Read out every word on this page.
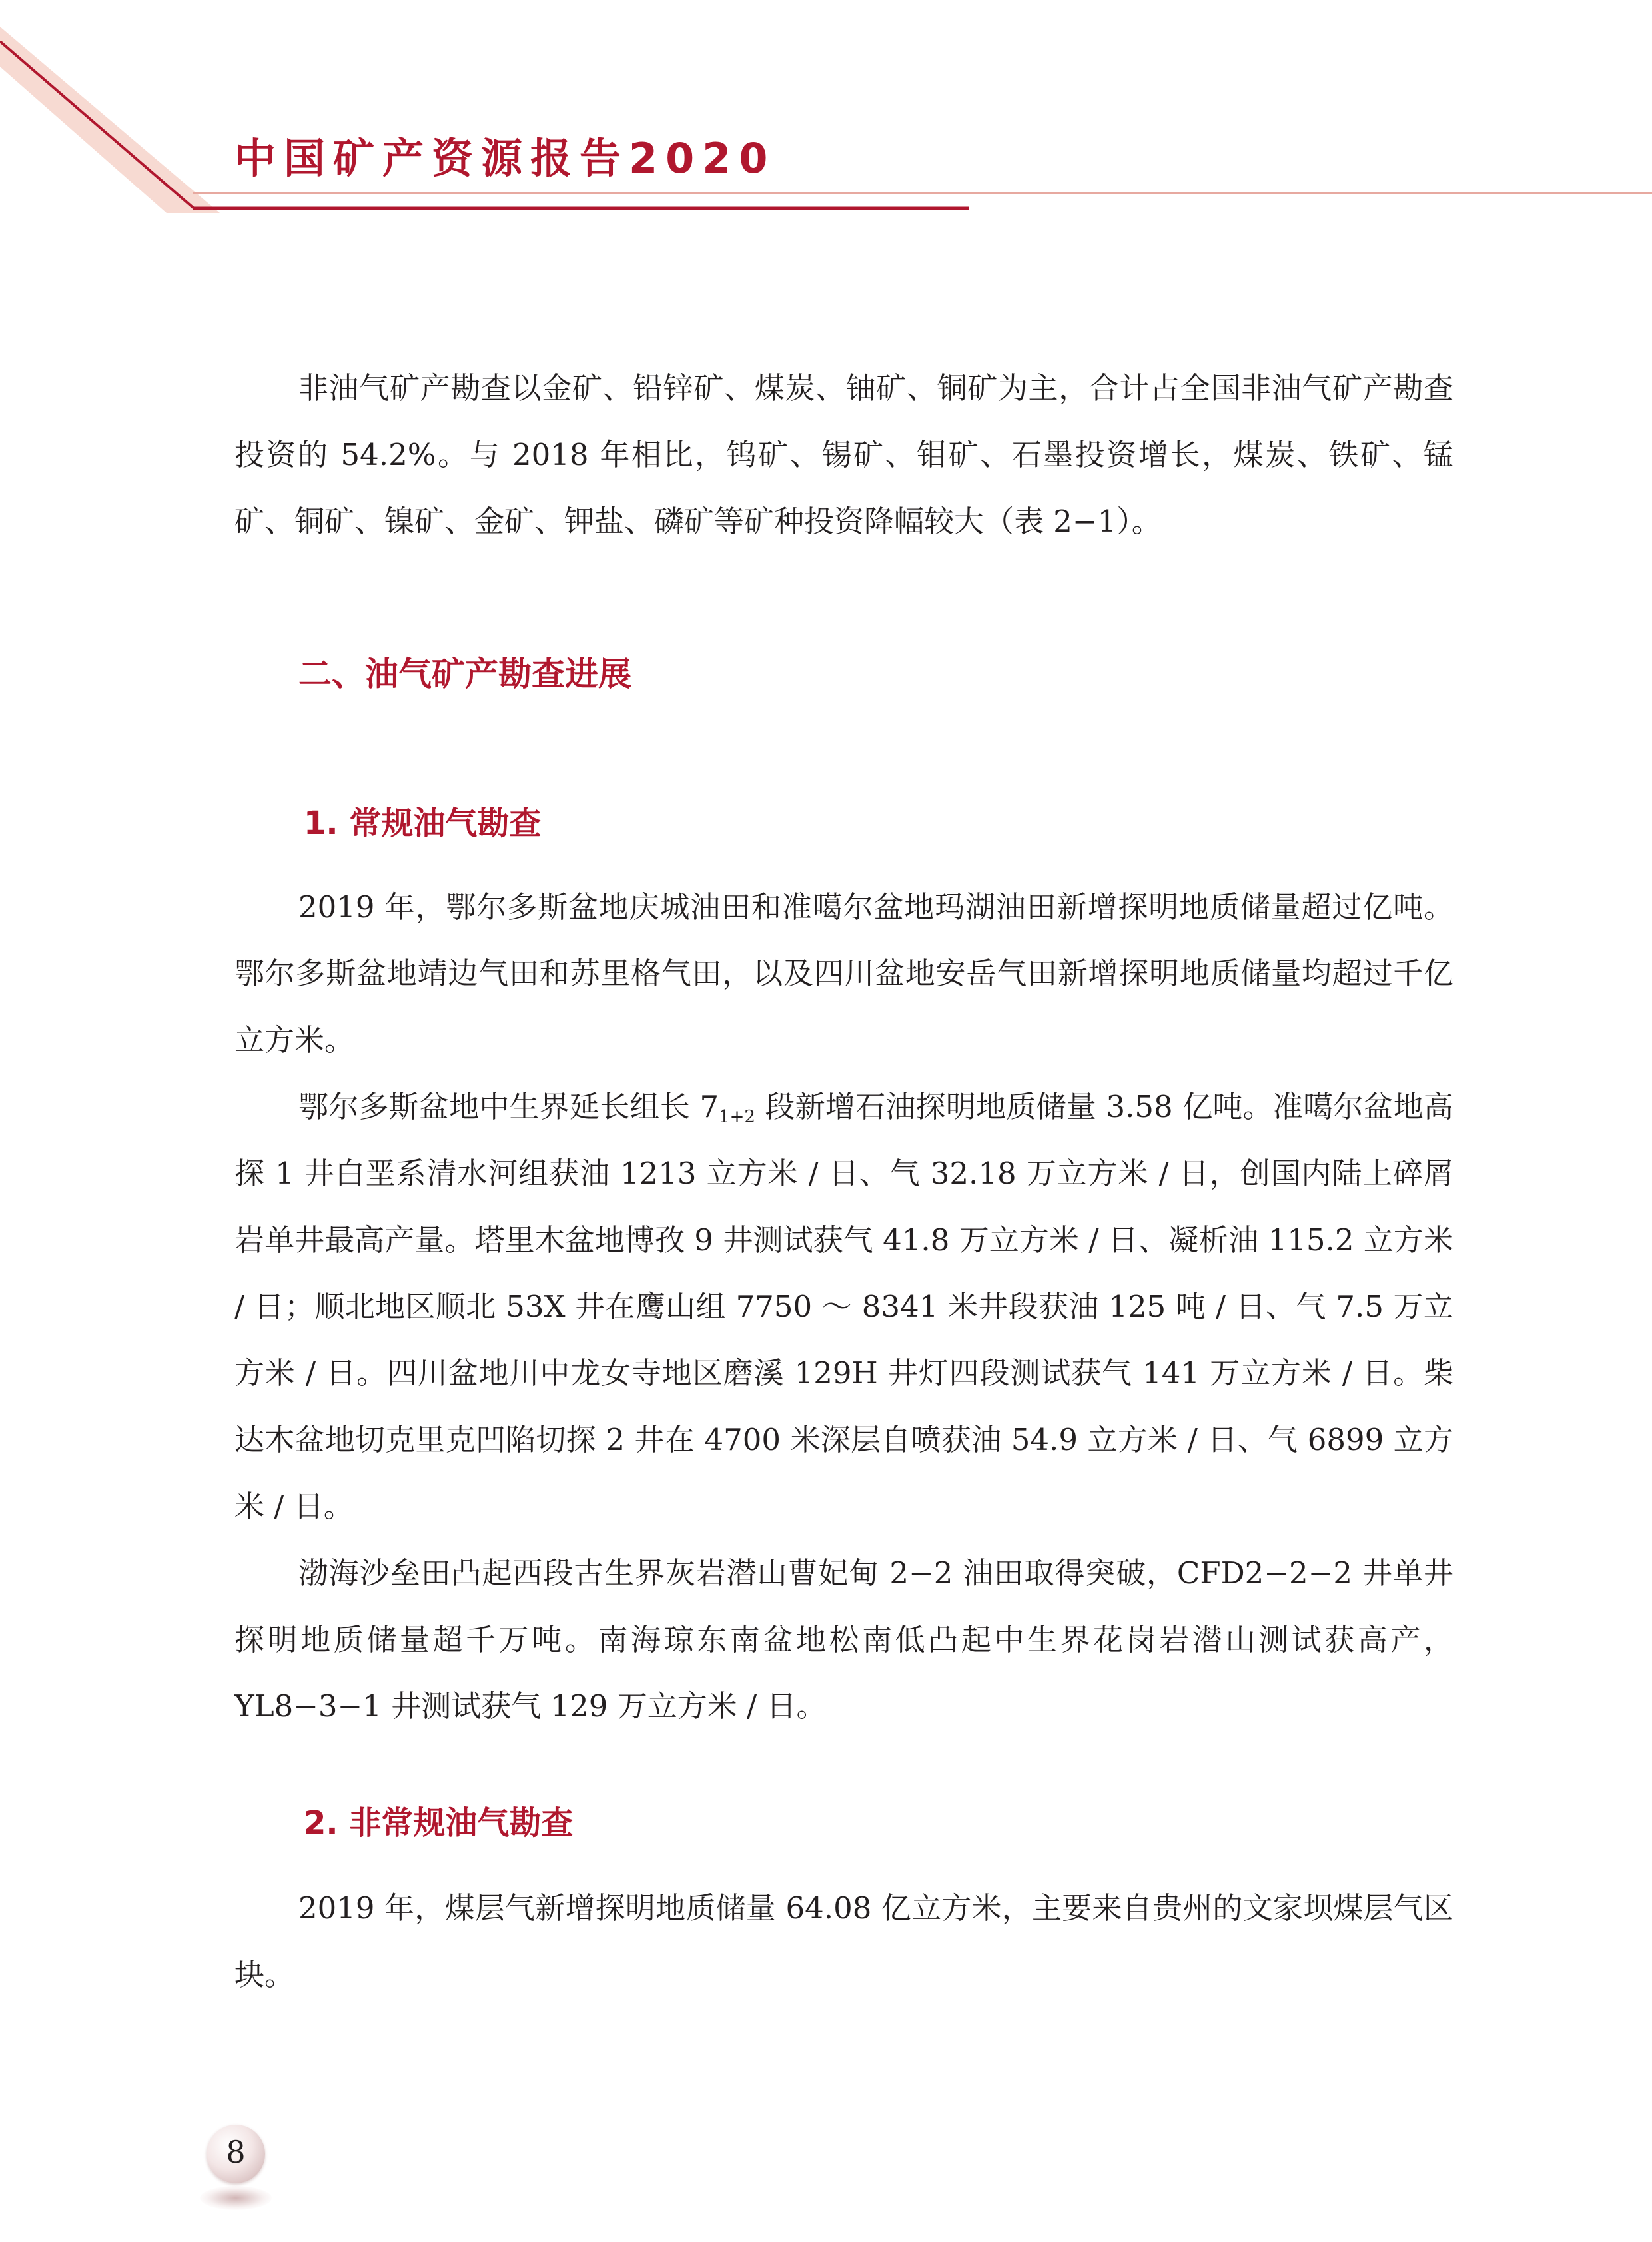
中国矿产资源报告2020

非油气矿产勘查以金矿、铅锌矿、煤炭、铀矿、铜矿为主，合计占全国非油气矿产勘查投资的 54.2%。与 2018 年相比，钨矿、锡矿、钼矿、石墨投资增长，煤炭、铁矿、锰矿、铜矿、镍矿、金矿、钾盐、磷矿等矿种投资降幅较大（表 2−1）。

二、油气矿产勘查进展
1. 常规油气勘查

2019 年，鄂尔多斯盆地庆城油田和准噶尔盆地玛湖油田新增探明地质储量超过亿吨。鄂尔多斯盆地靖边气田和苏里格气田，以及四川盆地安岳气田新增探明地质储量均超过千亿立方米。

鄂尔多斯盆地中生界延长组长 $7_{1+2}$ 段新增石油探明地质储量 3.58 亿吨。准噶尔盆地高探 1 井白垩系清水河组获油 1213 立方米 / 日、气 32.18 万立方米 / 日，创国内陆上碎屑岩单井最高产量。塔里木盆地博孜 9 井测试获气 41.8 万立方米 / 日、凝析油 115.2 立方米 / 日；顺北地区顺北 53X 井在鹰山组 7750 ～ 8341 米井段获油 125 吨 / 日、气 7.5 万立方米 / 日。四川盆地川中龙女寺地区磨溪 129H 井灯四段测试获气 141 万立方米 / 日。柴达木盆地切克里克凹陷切探 2 井在 4700 米深层自喷获油 54.9 立方米 / 日、气 6899 立方米 / 日。

渤海沙垒田凸起西段古生界灰岩潜山曹妃甸 2−2 油田取得突破，CFD2−2−2 井单井探明地质储量超千万吨。南海琼东南盆地松南低凸起中生界花岗岩潜山测试获高产，YL8−3−1 井测试获气 129 万立方米 / 日。

2. 非常规油气勘查

2019 年，煤层气新增探明地质储量 64.08 亿立方米，主要来自贵州的文家坝煤层气区块。

8
